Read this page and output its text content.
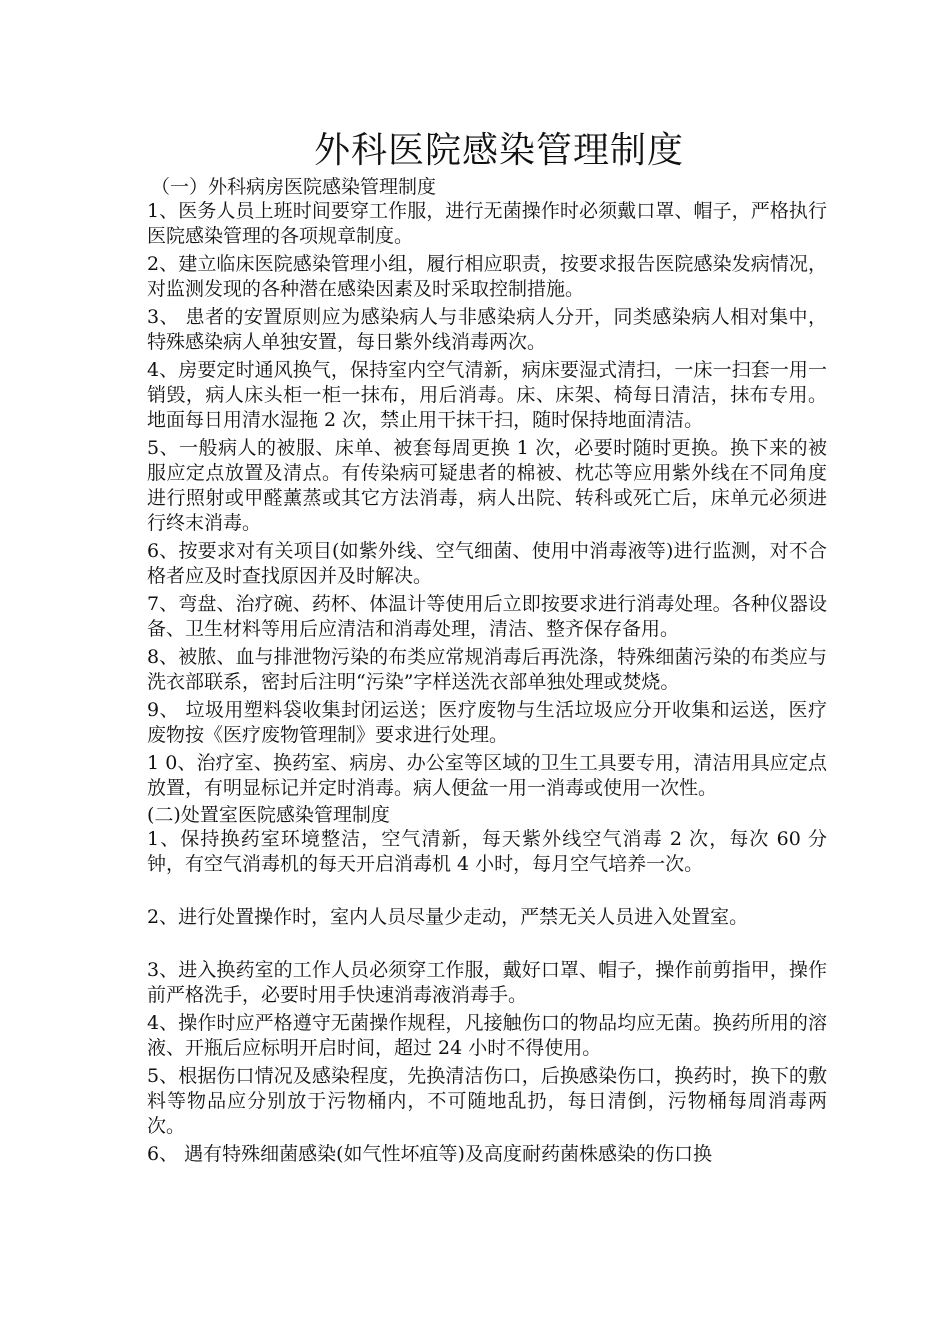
外科医院感染管理制度

（一）外科病房医院感染管理制度

1、医务人员上班时间要穿工作服，进行无菌操作时必须戴口罩、帽子，严格执行医院感染管理的各项规章制度。

2、建立临床医院感染管理小组，履行相应职责，按要求报告医院感染发病情况，对监测发现的各种潜在感染因素及时采取控制措施。

3、 患者的安置原则应为感染病人与非感染病人分开，同类感染病人相对集中，特殊感染病人单独安置，每日紫外线消毒两次。

4、房要定时通风换气，保持室内空气清新，病床要湿式清扫，一床一扫套一用一销毁，病人床头柜一柜一抹布，用后消毒。床、床架、椅每日清洁，抹布专用。地面每日用清水湿拖 2 次，禁止用干抹干扫，随时保持地面清洁。

5、一般病人的被服、床单、被套每周更换 1 次，必要时随时更换。换下来的被服应定点放置及清点。有传染病可疑患者的棉被、枕芯等应用紫外线在不同角度进行照射或甲醛薰蒸或其它方法消毒，病人出院、转科或死亡后，床单元必须进行终末消毒。

6、按要求对有关项目(如紫外线、空气细菌、使用中消毒液等)进行监测，对不合格者应及时查找原因并及时解决。

7、弯盘、治疗碗、药杯、体温计等使用后立即按要求进行消毒处理。各种仪器设备、卫生材料等用后应清洁和消毒处理，清洁、整齐保存备用。

8、被脓、血与排泄物污染的布类应常规消毒后再洗涤，特殊细菌污染的布类应与洗衣部联系，密封后注明“污染”字样送洗衣部单独处理或焚烧。

9、 垃圾用塑料袋收集封闭运送；医疗废物与生活垃圾应分开收集和运送，医疗废物按《医疗废物管理制》要求进行处理。

1 0、治疗室、换药室、病房、办公室等区域的卫生工具要专用，清洁用具应定点放置，有明显标记并定时消毒。病人便盆一用一消毒或使用一次性。

(二)处置室医院感染管理制度

1、保持换药室环境整洁，空气清新，每天紫外线空气消毒 2 次，每次 60 分钟，有空气消毒机的每天开启消毒机 4 小时，每月空气培养一次。

2、进行处置操作时，室内人员尽量少走动，严禁无关人员进入处置室。

3、进入换药室的工作人员必须穿工作服，戴好口罩、帽子，操作前剪指甲，操作前严格洗手，必要时用手快速消毒液消毒手。

4、操作时应严格遵守无菌操作规程，凡接触伤口的物品均应无菌。换药所用的溶液、开瓶后应标明开启时间，超过 24 小时不得使用。

5、根据伤口情况及感染程度，先换清洁伤口，后换感染伤口，换药时，换下的敷料等物品应分别放于污物桶内，不可随地乱扔，每日清倒，污物桶每周消毒两次。

6、 遇有特殊细菌感染(如气性坏疽等)及高度耐药菌株感染的伤口换
